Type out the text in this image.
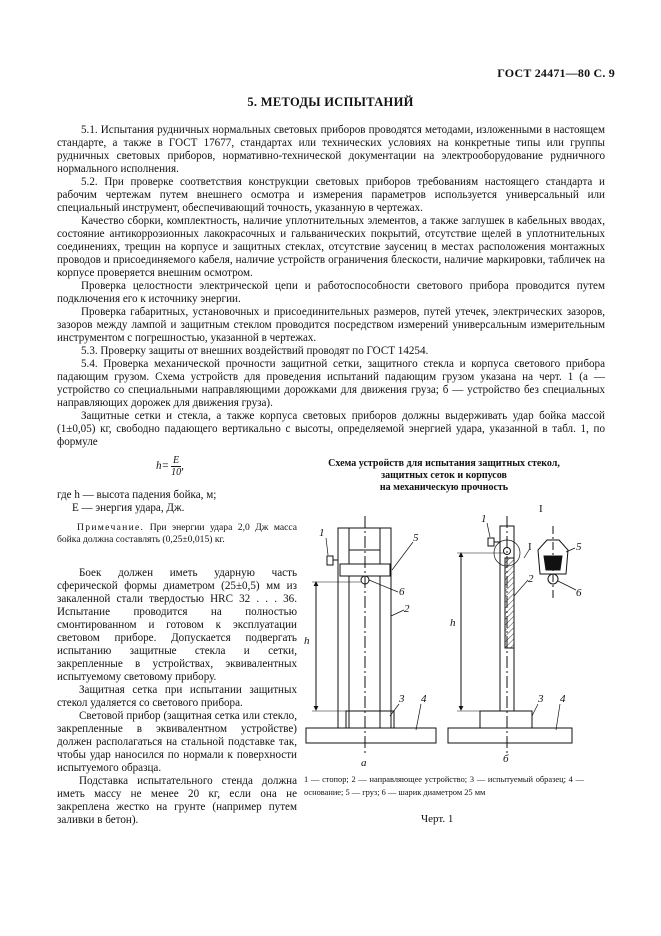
ГОСТ 24471—80 С. 9
5. МЕТОДЫ ИСПЫТАНИЙ

5.1. Испытания рудничных нормальных световых приборов проводятся методами, изложенными в настоящем стандарте, а также в ГОСТ 17677, стандартах или технических условиях на конкретные типы или группы рудничных световых приборов, нормативно-технической документации на электрооборудование рудничного нормального исполнения.

5.2. При проверке соответствия конструкции световых приборов требованиям настоящего стандарта и рабочим чертежам путем внешнего осмотра и измерения параметров используется универсальный или специальный инструмент, обеспечивающий точность, указанную в чертежах.

Качество сборки, комплектность, наличие уплотнительных элементов, а также заглушек в кабельных вводах, состояние антикоррозионных лакокрасочных и гальванических покрытий, отсутствие щелей в уплотнительных соединениях, трещин на корпусе и защитных стеклах, отсутствие заусениц в местах расположения монтажных проводов и присоединяемого кабеля, наличие устройств ограничения блескости, наличие маркировки, табличек на корпусе проверяется внешним осмотром.

Проверка целостности электрической цепи и работоспособности светового прибора проводится путем подключения его к источнику энергии.

Проверка габаритных, установочных и присоединительных размеров, путей утечек, электрических зазоров, зазоров между лампой и защитным стеклом проводится посредством измерений универсальным измерительным инструментом с погрешностью, указанной в чертежах.

5.3. Проверку защиты от внешних воздействий проводят по ГОСТ 14254.

5.4. Проверка механической прочности защитной сетки, защитного стекла и корпуса светового прибора падающим грузом. Схема устройств для проведения испытаний падающим грузом указана на черт. 1 (а — устройство со специальными направляющими дорожками для движения груза; б — устройство без специальных направляющих дорожек для движения груза).

Защитные сетки и стекла, а также корпуса световых приборов должны выдерживать удар бойка массой (1±0,05) кг, свободно падающего вертикально с высоты, определяемой энергией удара, указанной в табл. 1, по формуле

$h= \frac{E}{10}$ ,

где h — высота падения бойка, м;

E — энергия удара, Дж.

Примечание. При энергии удара 2,0 Дж масса бойка должна составлять (0,25±0,015) кг.

Боек должен иметь ударную часть сферической формы диаметром (25±0,5) мм из закаленной стали твердостью HRC 32 . . . 36. Испытание проводится на полностью смонтированном и готовом к эксплуатации световом приборе. Допускается подвергать испытанию защитные стекла и сетки, закрепленные в устройствах, эквивалентных испытуемому световому прибору.

Защитная сетка при испытании защитных стекол удаляется со светового прибора.

Световой прибор (защитная сетка или стекло, закрепленные в эквивалентном устройстве) должен располагаться на стальной подставке так, чтобы удар наносился по нормали к поверхности испытуемого образца.

Подставка испытательного стенда должна иметь массу не менее 20 кг, если она не закреплена жестко на грунте (например путем заливки в бетон).

Схема устройств для испытания защитных стекол,
защитных сеток и корпусов
на механическую прочность
1	5
6
2
3 4
h
а
1
I
I
2
5
6
3 4
h
б
1 — стопор; 2 — направляющее устройство; 3 — испытуемый образец; 4 — основание; 5 — груз; 6 — шарик диаметром 25 мм
Черт. 1
